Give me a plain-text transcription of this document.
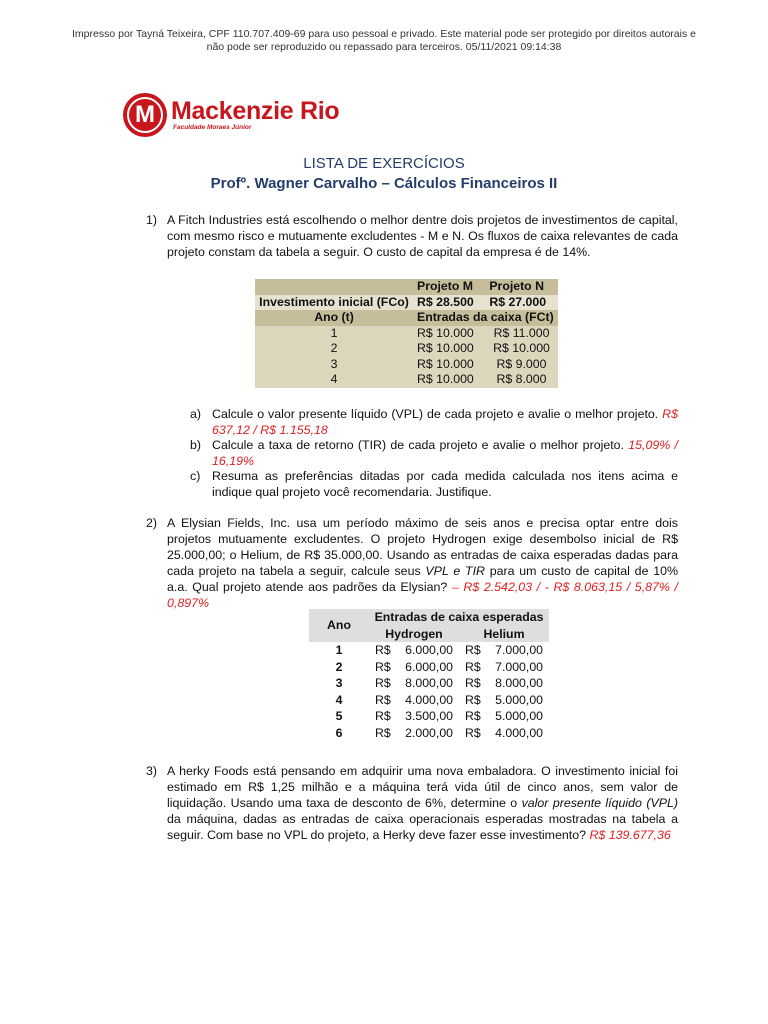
Impresso por Tayná Teixeira, CPF 110.707.409-69 para uso pessoal e privado. Este material pode ser protegido por direitos autorais e
não pode ser reproduzido ou repassado para terceiros. 05/11/2021 09:14:38
M Mackenzie Rio
Faculdade Moraes Júnior
LISTA DE EXERCÍCIOS
Profº. Wagner Carvalho – Cálculos Financeiros II
1) A Fitch Industries está escolhendo o melhor dentre dois projetos de investimentos de capital, com mesmo risco e mutuamente excludentes - M e N. Os fluxos de caixa relevantes de cada projeto constam da tabela a seguir. O custo de capital da empresa é de 14%.
	Projeto M	Projeto N
Investimento inicial (FCo)	R$ 28.500	R$ 27.000
Ano (t)	Entradas da caixa (FCt)	
1	R$ 10.000	R$ 11.000
2	R$ 10.000	R$ 10.000
3	R$ 10.000	R$ 9.000
4	R$ 10.000	R$ 8.000
a) Calcule o valor presente líquido (VPL) de cada projeto e avalie o melhor projeto. R$ 637,12 / R$ 1.155,18
b) Calcule a taxa de retorno (TIR) de cada projeto e avalie o melhor projeto. 15,09% / 16,19%
c) Resuma as preferências ditadas por cada medida calculada nos itens acima e indique qual projeto você recomendaria. Justifique.
2) A Elysian Fields, Inc. usa um período máximo de seis anos e precisa optar entre dois projetos mutuamente excludentes. O projeto Hydrogen exige desembolso inicial de R$ 25.000,00; o Helium, de R$ 35.000,00. Usando as entradas de caixa esperadas dadas para cada projeto na tabela a seguir, calcule seus VPL e TIR para um custo de capital de 10% a.a. Qual projeto atende aos padrões da Elysian? – R$ 2.542,03 / - R$ 8.063,15 / 5,87% / 0,897%
Ano	Entradas de caixa esperadas			
	Hydrogen		Helium	
1	R$	6.000,00	R$	7.000,00
2	R$	6.000,00	R$	7.000,00
3	R$	8.000,00	R$	8.000,00
4	R$	4.000,00	R$	5.000,00
5	R$	3.500,00	R$	5.000,00
6	R$	2.000,00	R$	4.000,00
3) A herky Foods está pensando em adquirir uma nova embaladora. O investimento inicial foi estimado em R$ 1,25 milhão e a máquina terá vida útil de cinco anos, sem valor de liquidação. Usando uma taxa de desconto de 6%, determine o valor presente líquido (VPL) da máquina, dadas as entradas de caixa operacionais esperadas mostradas na tabela a seguir. Com base no VPL do projeto, a Herky deve fazer esse investimento? R$ 139.677,36
